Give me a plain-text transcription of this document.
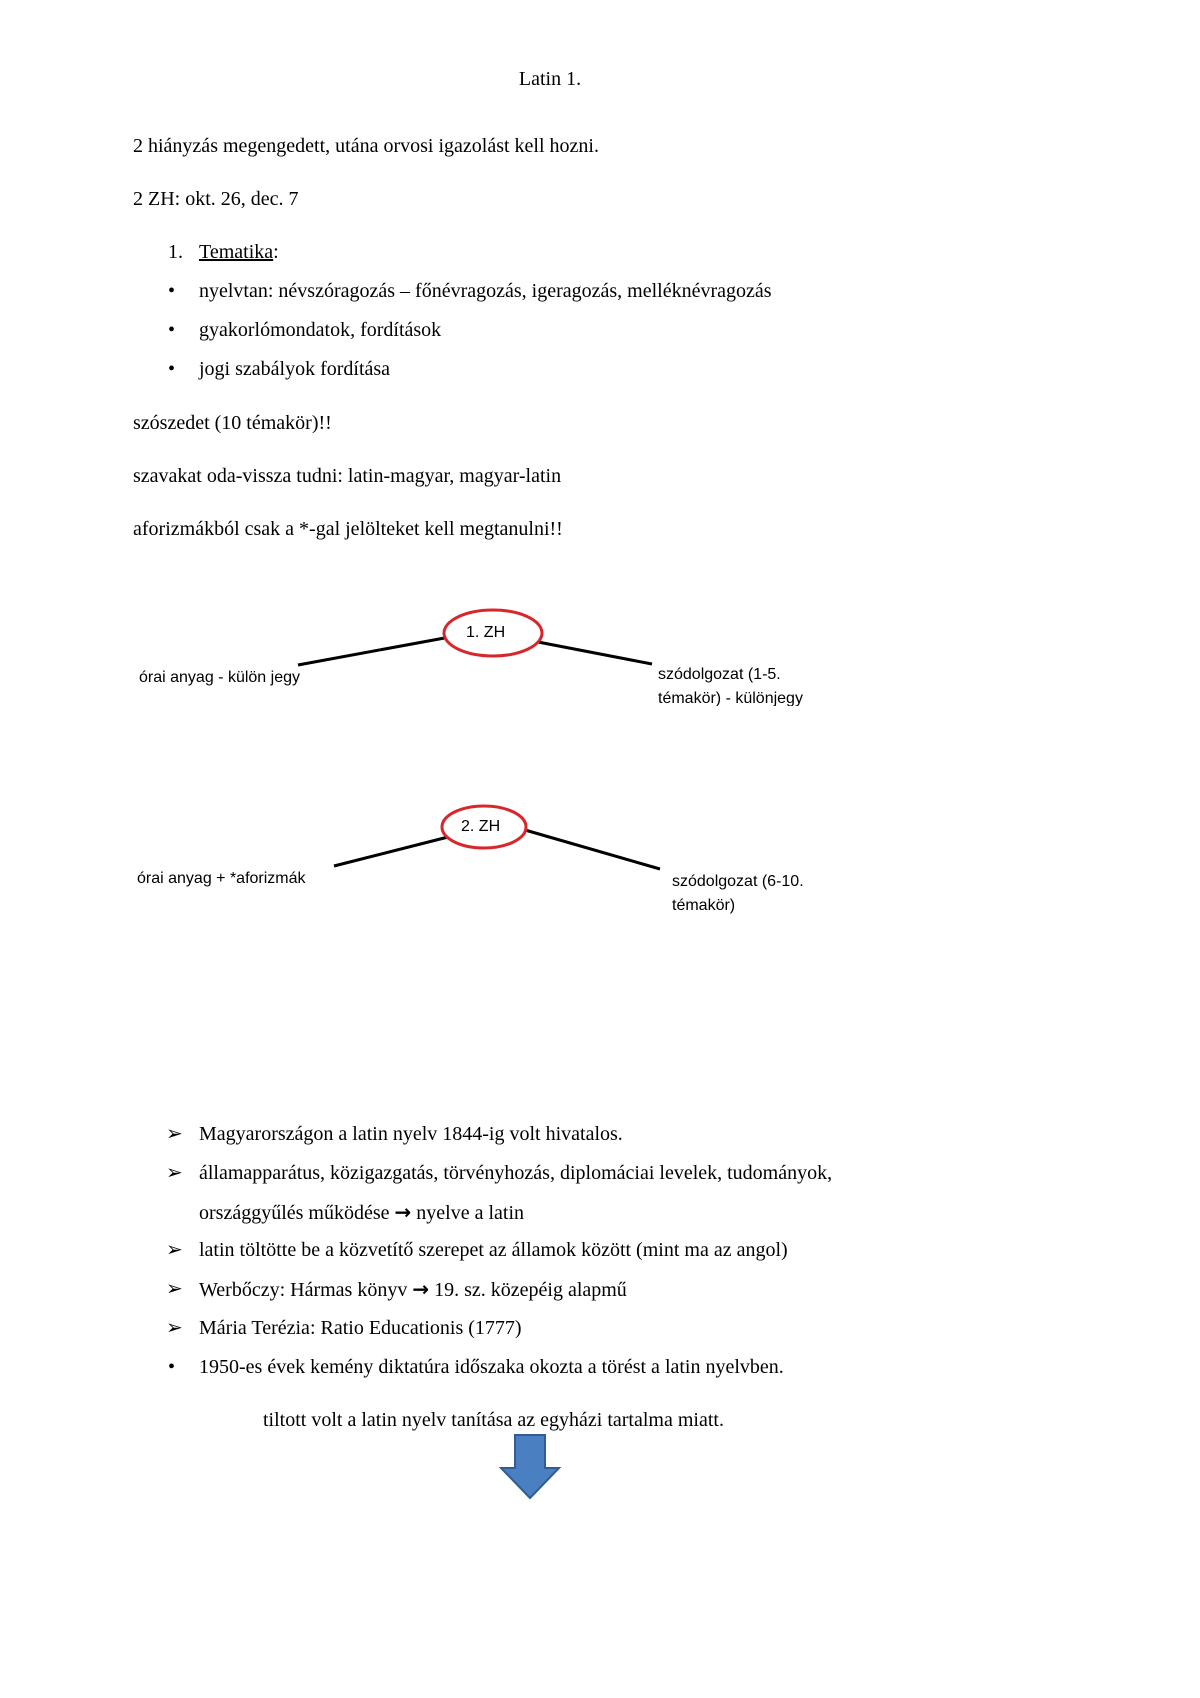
Latin 1.
2 hiányzás megengedett, utána orvosi igazolást kell hozni.
2 ZH: okt. 26, dec. 7
1. Tematika:
• nyelvtan: névszóragozás – főnévragozás, igeragozás, melléknévragozás
• gyakorlómondatok, fordítások
• jogi szabályok fordítása
szószedet (10 témakör)!!
szavakat oda-vissza tudni: latin-magyar, magyar-latin
aforizmákból csak a *-gal jelölteket kell megtanulni!!
1. ZH
órai anyag - külön jegy	szódolgozat (1-5.
témakör) - különjegy
2. ZH
órai anyag + *aforizmák	szódolgozat (6-10.
témakör)
➢ Magyarországon a latin nyelv 1844-ig volt hivatalos.
➢ államapparátus, közigazgatás, törvényhozás, diplomáciai levelek, tudományok,
országgyűlés működése → nyelve a latin
➢ latin töltötte be a közvetítő szerepet az államok között (mint ma az angol)
➢ Werbőczy: Hármas könyv → 19. sz. közepéig alapmű
➢ Mária Terézia: Ratio Educationis (1777)
• 1950-es évek kemény diktatúra időszaka okozta a törést a latin nyelvben.
tiltott volt a latin nyelv tanítása az egyházi tartalma miatt.
